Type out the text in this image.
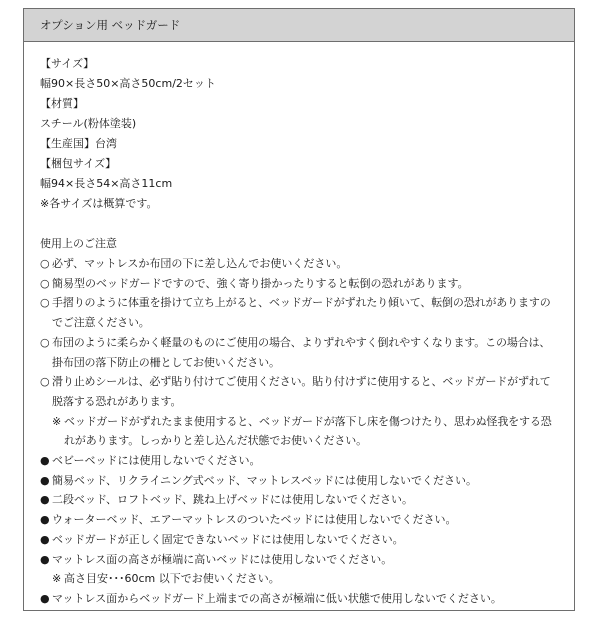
オプション用 ベッドガード
【サイズ】
幅90×長さ50×高さ50cm/2セット
【材質】
スチール(粉体塗装)
【生産国】台湾
【梱包サイズ】
幅94×長さ54×高さ11cm
※各サイズは概算です。
使用上のご注意
○ 必ず、マットレスか布団の下に差し込んでお使いください。
○ 簡易型のベッドガードですので、強く寄り掛かったりすると転倒の恐れがあります。
○ 手摺りのように体重を掛けて立ち上がると、ベッドガードがずれたり傾いて、転倒の恐れがありますのでご注意ください。
○ 布団のように柔らかく軽量のものにご使用の場合、よりずれやすく倒れやすくなります。この場合は、掛布団の落下防止の柵としてお使いください。
○ 滑り止めシールは、必ず貼り付けてご使用ください。貼り付けずに使用すると、ベッドガードがずれて脱落する恐れがあります。
※ ベッドガードがずれたまま使用すると、ベッドガードが落下し床を傷つけたり、思わぬ怪我をする恐れがあります。しっかりと差し込んだ状態でお使いください。
● ベビーベッドには使用しないでください。
● 簡易ベッド、リクライニング式ベッド、マットレスベッドには使用しないでください。
● 二段ベッド、ロフトベッド、跳ね上げベッドには使用しないでください。
● ウォーターベッド、エアーマットレスのついたベッドには使用しないでください。
● ベッドガードが正しく固定できないベッドには使用しないでください。
● マットレス面の高さが極端に高いベッドには使用しないでください。
※ 高さ目安･･･60cm 以下でお使いください。
● マットレス面からベッドガード上端までの高さが極端に低い状態で使用しないでください。
